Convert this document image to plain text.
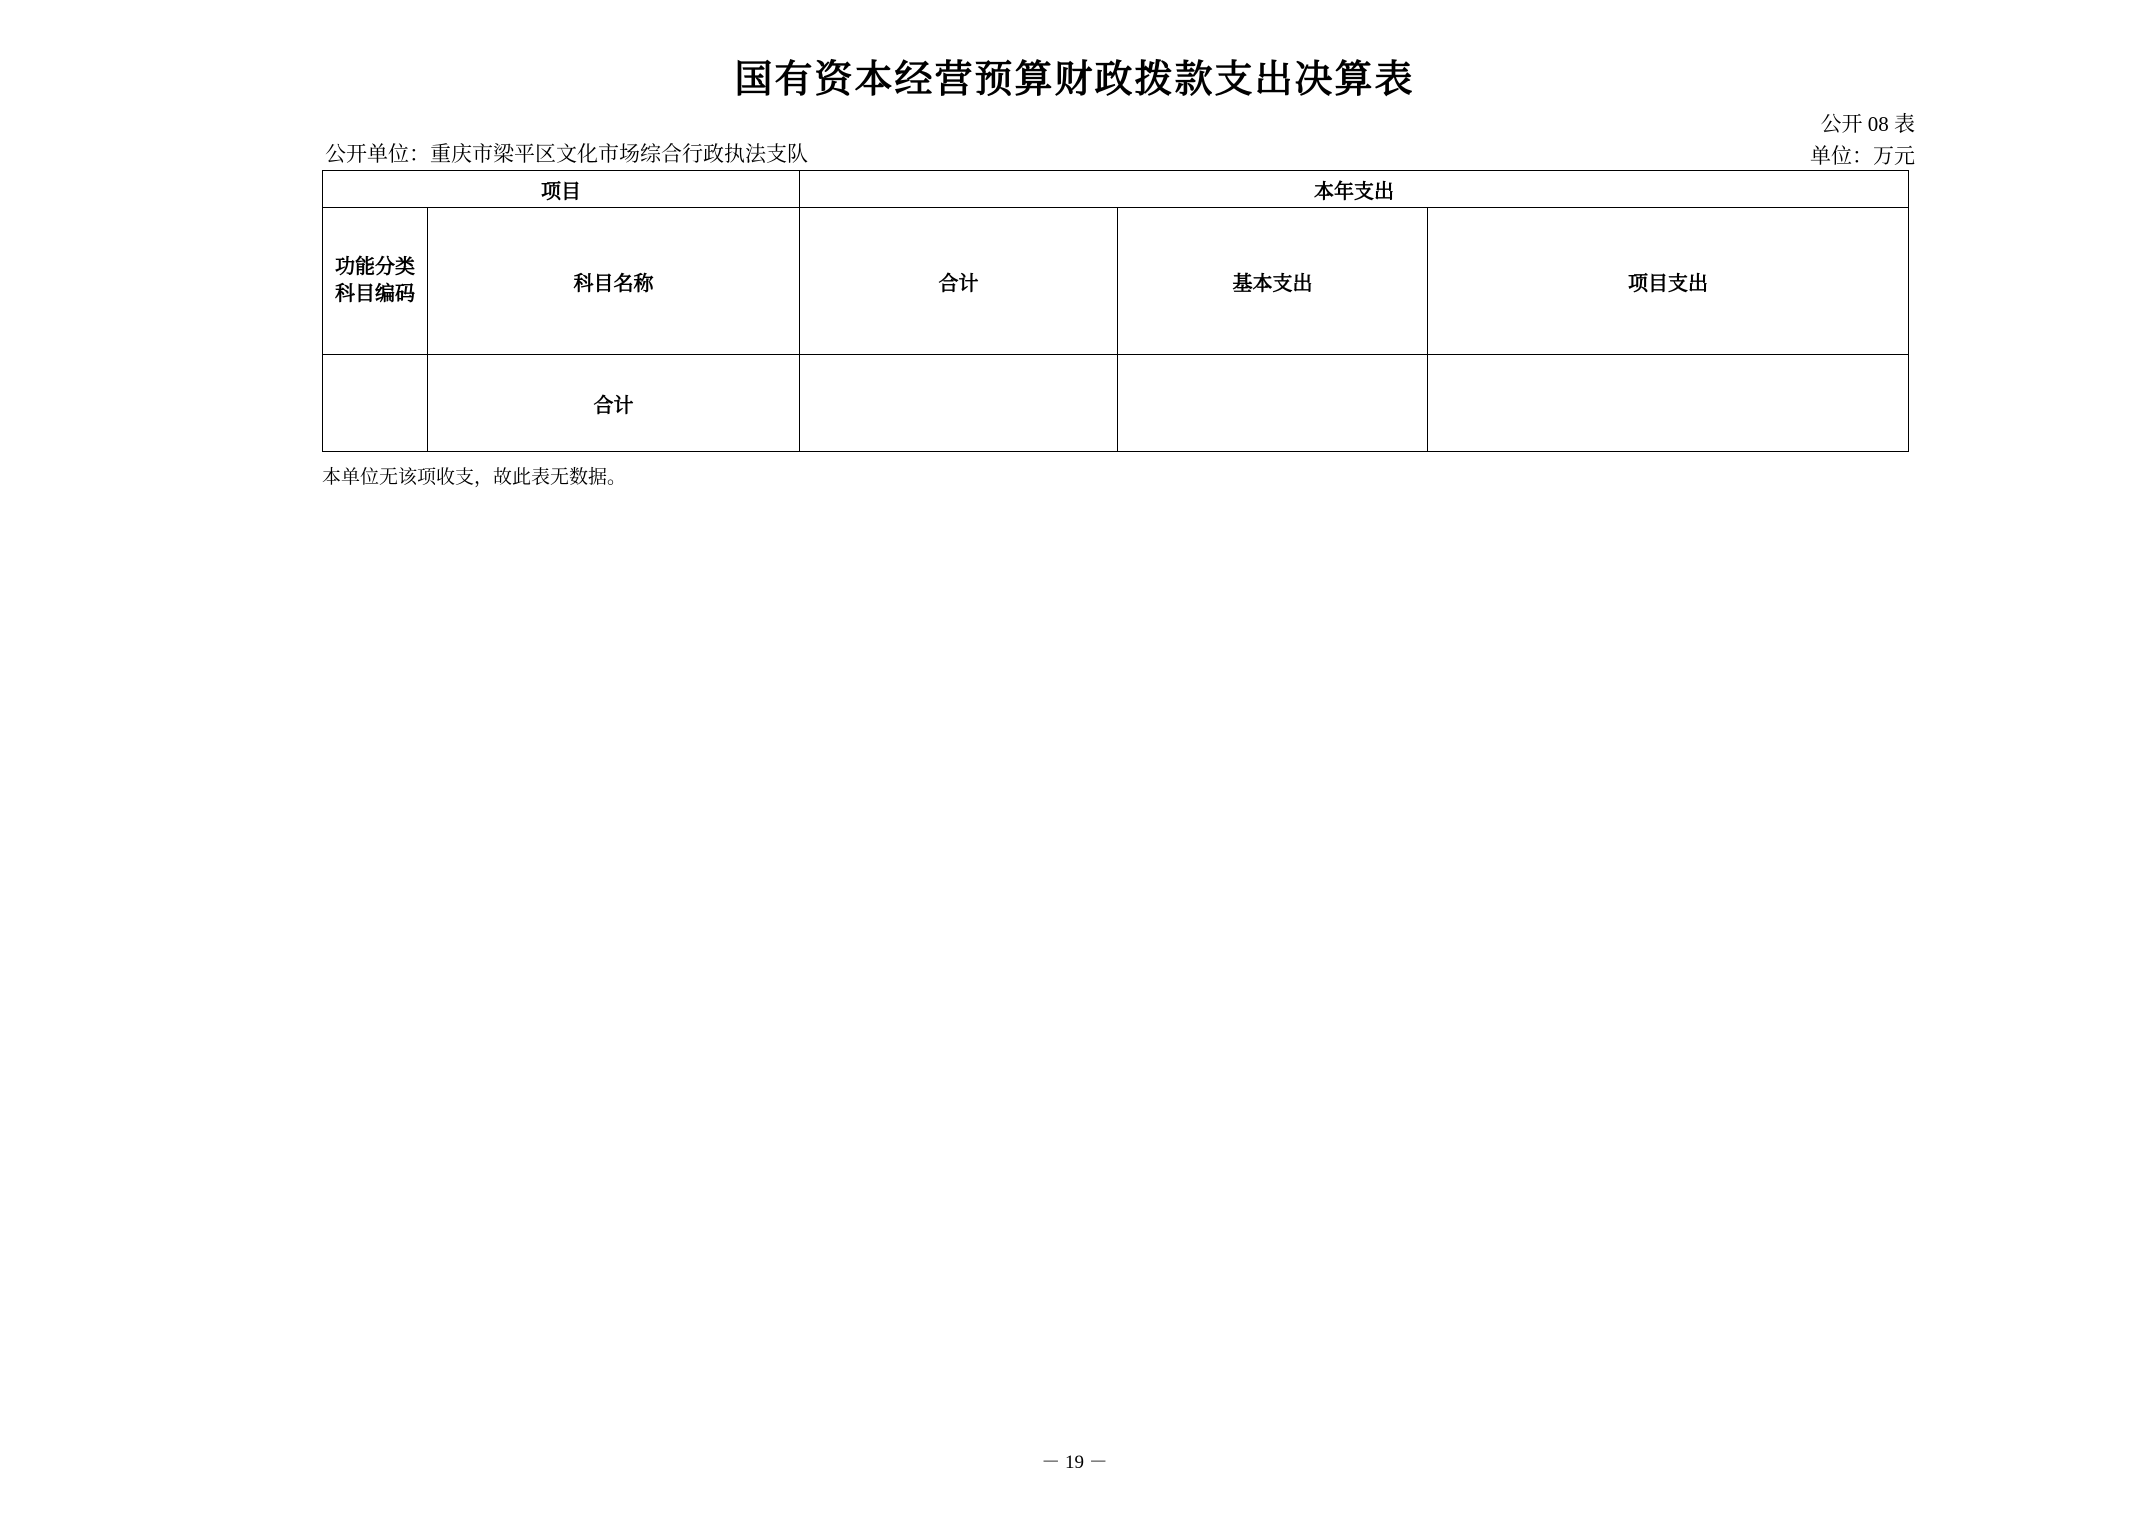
国有资本经营预算财政拨款支出决算表
公开 08 表
单位：万元
公开单位：重庆市梁平区文化市场综合行政执法支队
项目		本年支出		

功能分类
科目编码	科目名称	合计	基本支出	项目支出
	合计			
本单位无该项收支，故此表无数据。
－ 19 －
